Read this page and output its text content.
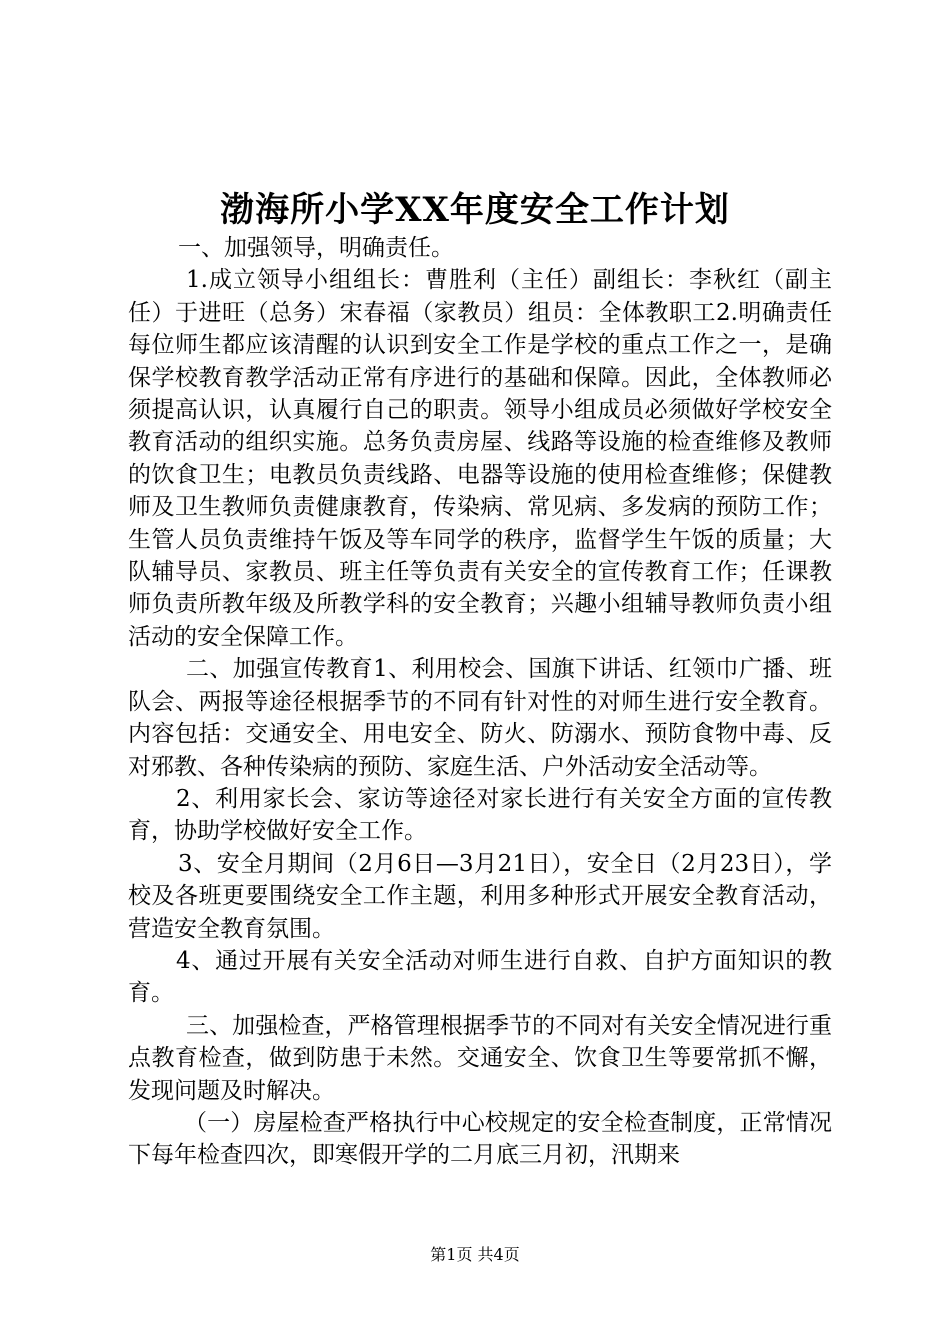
渤海所小学XX年度安全工作计划

一、加强领导，明确责任。

1.成立领导小组组长：曹胜利（主任）副组长：李秋红（副主任）于进旺（总务）宋春福（家教员）组员：全体教职工2.明确责任每位师生都应该清醒的认识到安全工作是学校的重点工作之一，是确保学校教育教学活动正常有序进行的基础和保障。因此，全体教师必须提高认识，认真履行自己的职责。领导小组成员必须做好学校安全教育活动的组织实施。总务负责房屋、线路等设施的检查维修及教师的饮食卫生；电教员负责线路、电器等设施的使用检查维修；保健教师及卫生教师负责健康教育，传染病、常见病、多发病的预防工作；生管人员负责维持午饭及等车同学的秩序，监督学生午饭的质量；大队辅导员、家教员、班主任等负责有关安全的宣传教育工作；任课教师负责所教年级及所教学科的安全教育；兴趣小组辅导教师负责小组活动的安全保障工作。

二、加强宣传教育1、利用校会、国旗下讲话、红领巾广播、班队会、两报等途径根据季节的不同有针对性的对师生进行安全教育。内容包括：交通安全、用电安全、防火、防溺水、预防食物中毒、反对邪教、各种传染病的预防、家庭生活、户外活动安全活动等。

2、利用家长会、家访等途径对家长进行有关安全方面的宣传教育，协助学校做好安全工作。

3、安全月期间（2月6日—3月21日），安全日（2月23日），学校及各班更要围绕安全工作主题，利用多种形式开展安全教育活动，营造安全教育氛围。

4、通过开展有关安全活动对师生进行自救、自护方面知识的教育。

三、加强检查，严格管理根据季节的不同对有关安全情况进行重点教育检查，做到防患于未然。交通安全、饮食卫生等要常抓不懈，发现问题及时解决。

（一）房屋检查严格执行中心校规定的安全检查制度，正常情况下每年检查四次，即寒假开学的二月底三月初，汛期来

第1页 共4页
